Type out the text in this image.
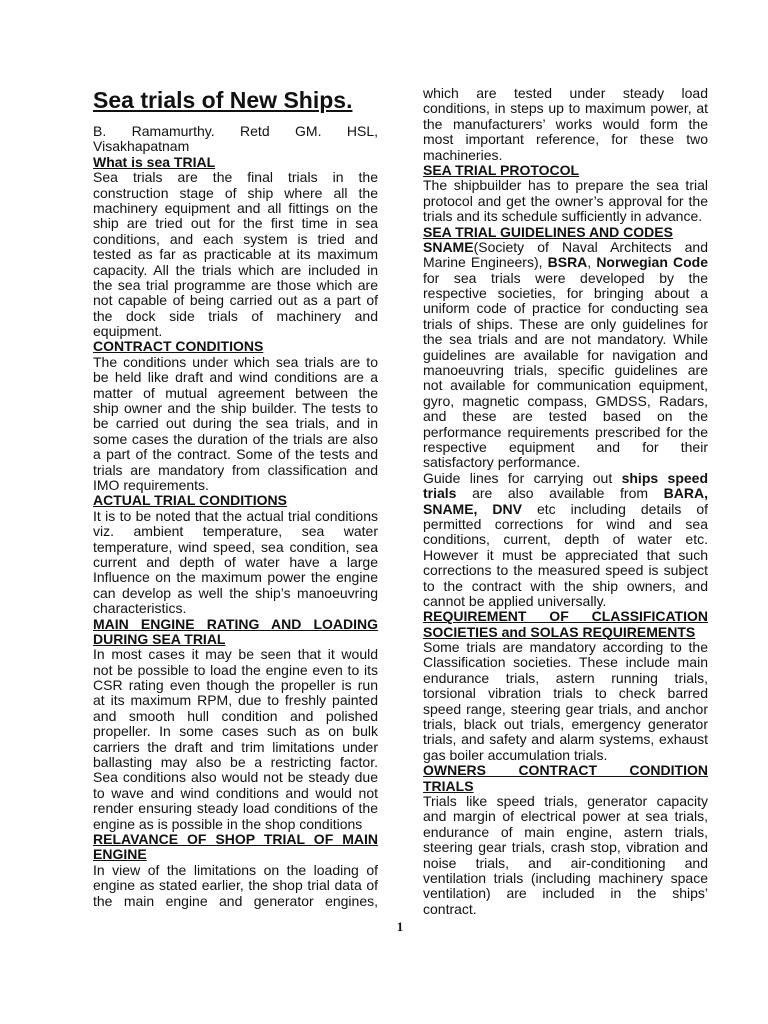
Sea trials of New Ships.
B. Ramamurthy. Retd GM. HSL,
Visakhapatnam
What is sea TRIAL
Sea trials are the final trials in the
construction stage of ship where all the
machinery equipment and all fittings on the
ship are tried out for the first time in sea
conditions, and each system is tried and
tested as far as practicable at its maximum
capacity. All the trials which are included in
the sea trial programme are those which are
not capable of being carried out as a part of
the dock side trials of machinery and
equipment.
CONTRACT CONDITIONS
The conditions under which sea trials are to
be held like draft and wind conditions are a
matter of mutual agreement between the
ship owner and the ship builder. The tests to
be carried out during the sea trials, and in
some cases the duration of the trials are also
a part of the contract. Some of the tests and
trials are mandatory from classification and
IMO requirements.
ACTUAL TRIAL CONDITIONS
It is to be noted that the actual trial conditions
viz. ambient temperature, sea water
temperature, wind speed, sea condition, sea
current and depth of water have a large
Influence on the maximum power the engine
can develop as well the ship’s manoeuvring
characteristics.
MAIN ENGINE RATING AND LOADING
DURING SEA TRIAL
In most cases it may be seen that it would
not be possible to load the engine even to its
CSR rating even though the propeller is run
at its maximum RPM, due to freshly painted
and smooth hull condition and polished
propeller. In some cases such as on bulk
carriers the draft and trim limitations under
ballasting may also be a restricting factor.
Sea conditions also would not be steady due
to wave and wind conditions and would not
render ensuring steady load conditions of the
engine as is possible in the shop conditions
RELAVANCE OF SHOP TRIAL OF MAIN
ENGINE
In view of the limitations on the loading of
engine as stated earlier, the shop trial data of
the main engine and generator engines,
which are tested under steady load
conditions, in steps up to maximum power, at
the manufacturers’ works would form the
most important reference, for these two
machineries.
SEA TRIAL PROTOCOL
The shipbuilder has to prepare the sea trial
protocol and get the owner’s approval for the
trials and its schedule sufficiently in advance.
SEA TRIAL GUIDELINES AND CODES
SNAME(Society of Naval Architects and
Marine Engineers), BSRA, Norwegian Code
for sea trials were developed by the
respective societies, for bringing about a
uniform code of practice for conducting sea
trials of ships. These are only guidelines for
the sea trials and are not mandatory. While
guidelines are available for navigation and
manoeuvring trials, specific guidelines are
not available for communication equipment,
gyro, magnetic compass, GMDSS, Radars,
and these are tested based on the
performance requirements prescribed for the
respective equipment and for their
satisfactory performance.
Guide lines for carrying out ships speed
trials are also available from BARA,
SNAME, DNV etc including details of
permitted corrections for wind and sea
conditions, current, depth of water etc.
However it must be appreciated that such
corrections to the measured speed is subject
to the contract with the ship owners, and
cannot be applied universally.
REQUIREMENT OF CLASSIFICATION
SOCIETIES and SOLAS REQUIREMENTS
Some trials are mandatory according to the
Classification societies. These include main
endurance trials, astern running trials,
torsional vibration trials to check barred
speed range, steering gear trials, and anchor
trials, black out trials, emergency generator
trials, and safety and alarm systems, exhaust
gas boiler accumulation trials.
OWNERS CONTRACT CONDITION
TRIALS
Trials like speed trials, generator capacity
and margin of electrical power at sea trials,
endurance of main engine, astern trials,
steering gear trials, crash stop, vibration and
noise trials, and air-conditioning and
ventilation trials (including machinery space
ventilation) are included in the ships’
contract.
1
